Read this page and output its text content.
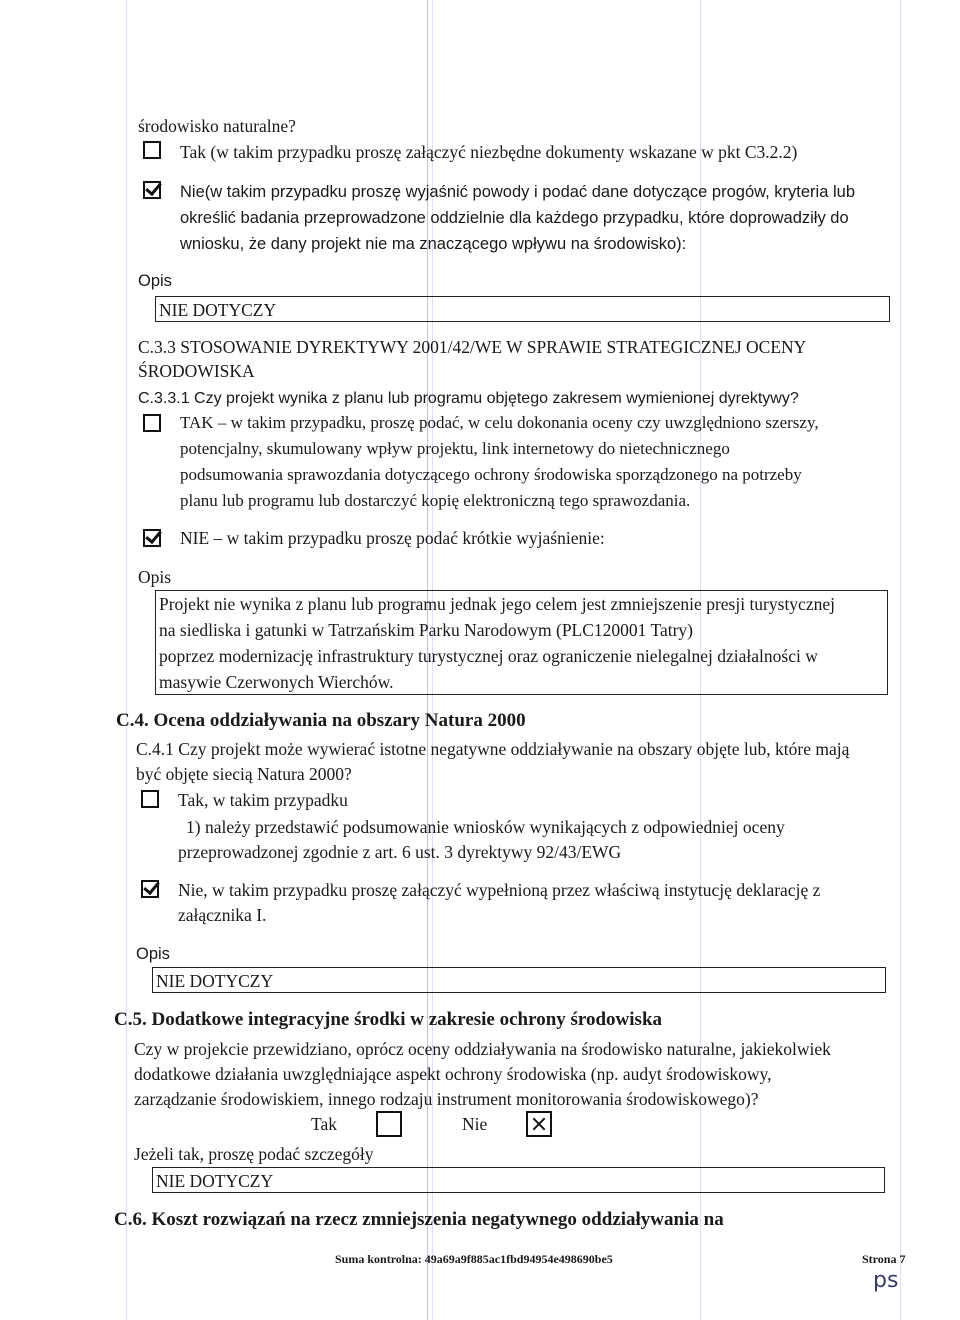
środowisko naturalne?
Tak (w takim przypadku proszę załączyć niezbędne dokumenty wskazane w pkt C3.2.2)
Nie(w takim przypadku proszę wyjaśnić powody i podać dane dotyczące progów, kryteria lub
określić badania przeprowadzone oddzielnie dla każdego przypadku, które doprowadziły do
wniosku, że dany projekt nie ma znaczącego wpływu na środowisko):
Opis
NIE DOTYCZY
C.3.3 STOSOWANIE DYREKTYWY 2001/42/WE W SPRAWIE STRATEGICZNEJ OCENY
ŚRODOWISKA
C.3.3.1 Czy projekt wynika z planu lub programu objętego zakresem wymienionej dyrektywy?
TAK – w takim przypadku, proszę podać, w celu dokonania oceny czy uwzględniono szerszy,
potencjalny, skumulowany wpływ projektu, link internetowy do nietechnicznego
podsumowania sprawozdania dotyczącego ochrony środowiska sporządzonego na potrzeby
planu lub programu lub dostarczyć kopię elektroniczną tego sprawozdania.
NIE – w takim przypadku proszę podać krótkie wyjaśnienie:
Opis
Projekt nie wynika z planu lub programu jednak jego celem jest zmniejszenie presji turystycznej
na siedliska i gatunki w Tatrzańskim Parku Narodowym (PLC120001 Tatry)
poprzez modernizację infrastruktury turystycznej oraz ograniczenie nielegalnej działalności w
masywie Czerwonych Wierchów.
C.4. Ocena oddziaływania na obszary Natura 2000
C.4.1 Czy projekt może wywierać istotne negatywne oddziaływanie na obszary objęte lub, które mają
być objęte siecią Natura 2000?
Tak, w takim przypadku
1) należy przedstawić podsumowanie wniosków wynikających z odpowiedniej oceny
przeprowadzonej zgodnie z art. 6 ust. 3 dyrektywy 92/43/EWG
Nie, w takim przypadku proszę załączyć wypełnioną przez właściwą instytucję deklarację z
załącznika I.
Opis
NIE DOTYCZY
C.5. Dodatkowe integracyjne środki w zakresie ochrony środowiska
Czy w projekcie przewidziano, oprócz oceny oddziaływania na środowisko naturalne, jakiekolwiek
dodatkowe działania uwzględniające aspekt ochrony środowiska (np. audyt środowiskowy,
zarządzanie środowiskiem, innego rodzaju instrument monitorowania środowiskowego)?
Tak	Nie
Jeżeli tak, proszę podać szczegóły
NIE DOTYCZY
C.6. Koszt rozwiązań na rzecz zmniejszenia negatywnego oddziaływania na
Suma kontrolna: 49a69a9f885ac1fbd94954e498690be5	Strona 7
ps
